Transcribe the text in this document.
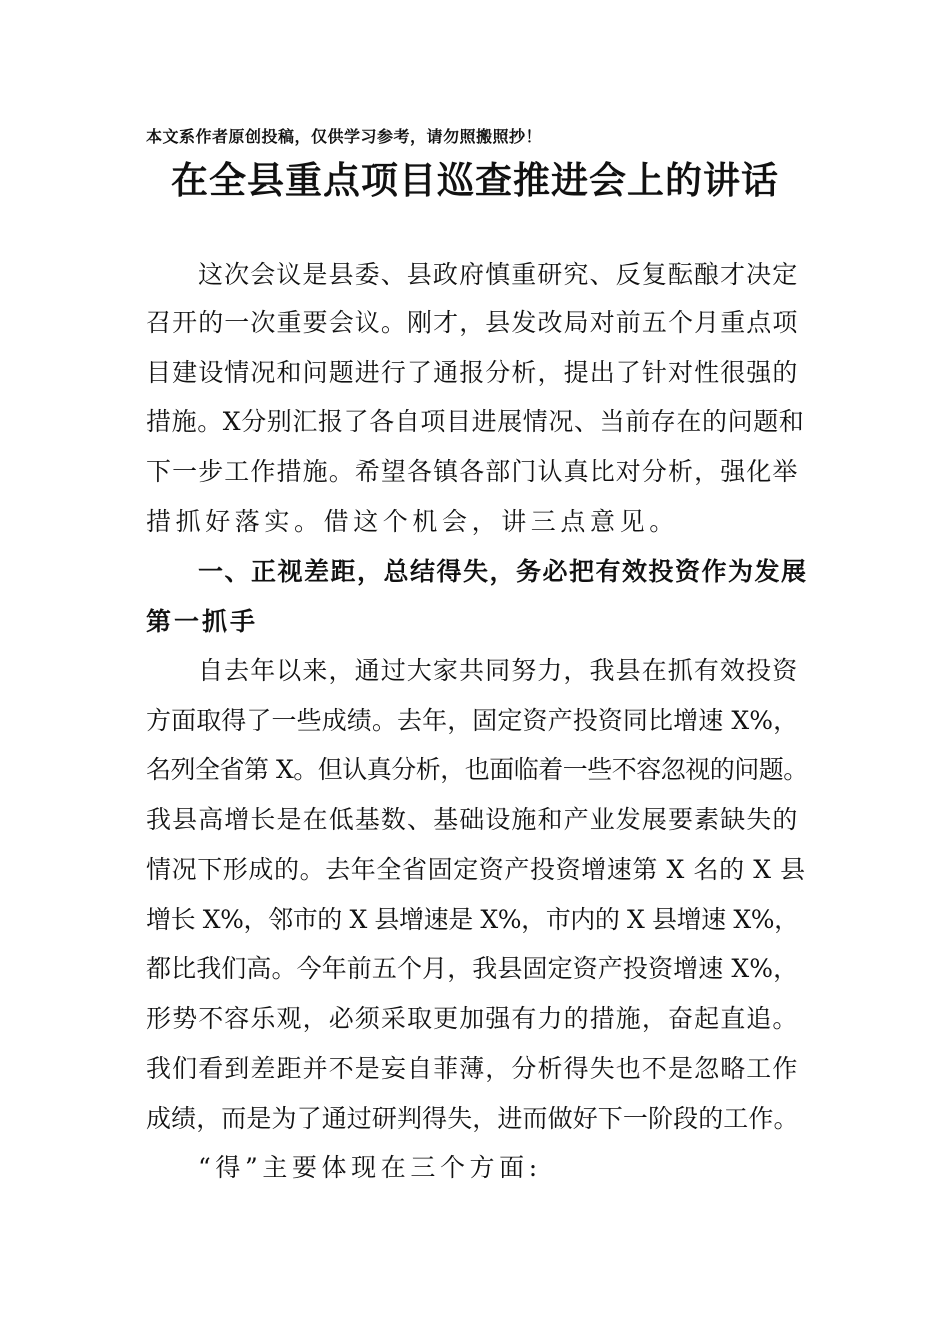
本文系作者原创投稿，仅供学习参考，请勿照搬照抄！
在全县重点项目巡查推进会上的讲话
这次会议是县委、县政府慎重研究、反复酝酿才决定
召开的一次重要会议。刚才，县发改局对前五个月重点项
目建设情况和问题进行了通报分析，提出了针对性很强的
措施。X分别汇报了各自项目进展情况、当前存在的问题和
下一步工作措施。希望各镇各部门认真比对分析，强化举
措抓好落实。借这个机会，讲三点意见。
一、正视差距，总结得失，务必把有效投资作为发展
第一抓手
自去年以来，通过大家共同努力，我县在抓有效投资
方面取得了一些成绩。去年，固定资产投资同比增速 X%，
名列全省第 X。但认真分析，也面临着一些不容忽视的问题。
我县高增长是在低基数、基础设施和产业发展要素缺失的
情况下形成的。去年全省固定资产投资增速第 X 名的 X 县
增长 X%，邻市的 X 县增速是 X%，市内的 X 县增速 X%，
都比我们高。今年前五个月，我县固定资产投资增速 X%，
形势不容乐观，必须采取更加强有力的措施，奋起直追。
我们看到差距并不是妄自菲薄，分析得失也不是忽略工作
成绩，而是为了通过研判得失，进而做好下一阶段的工作。
“得”主要体现在三个方面:
